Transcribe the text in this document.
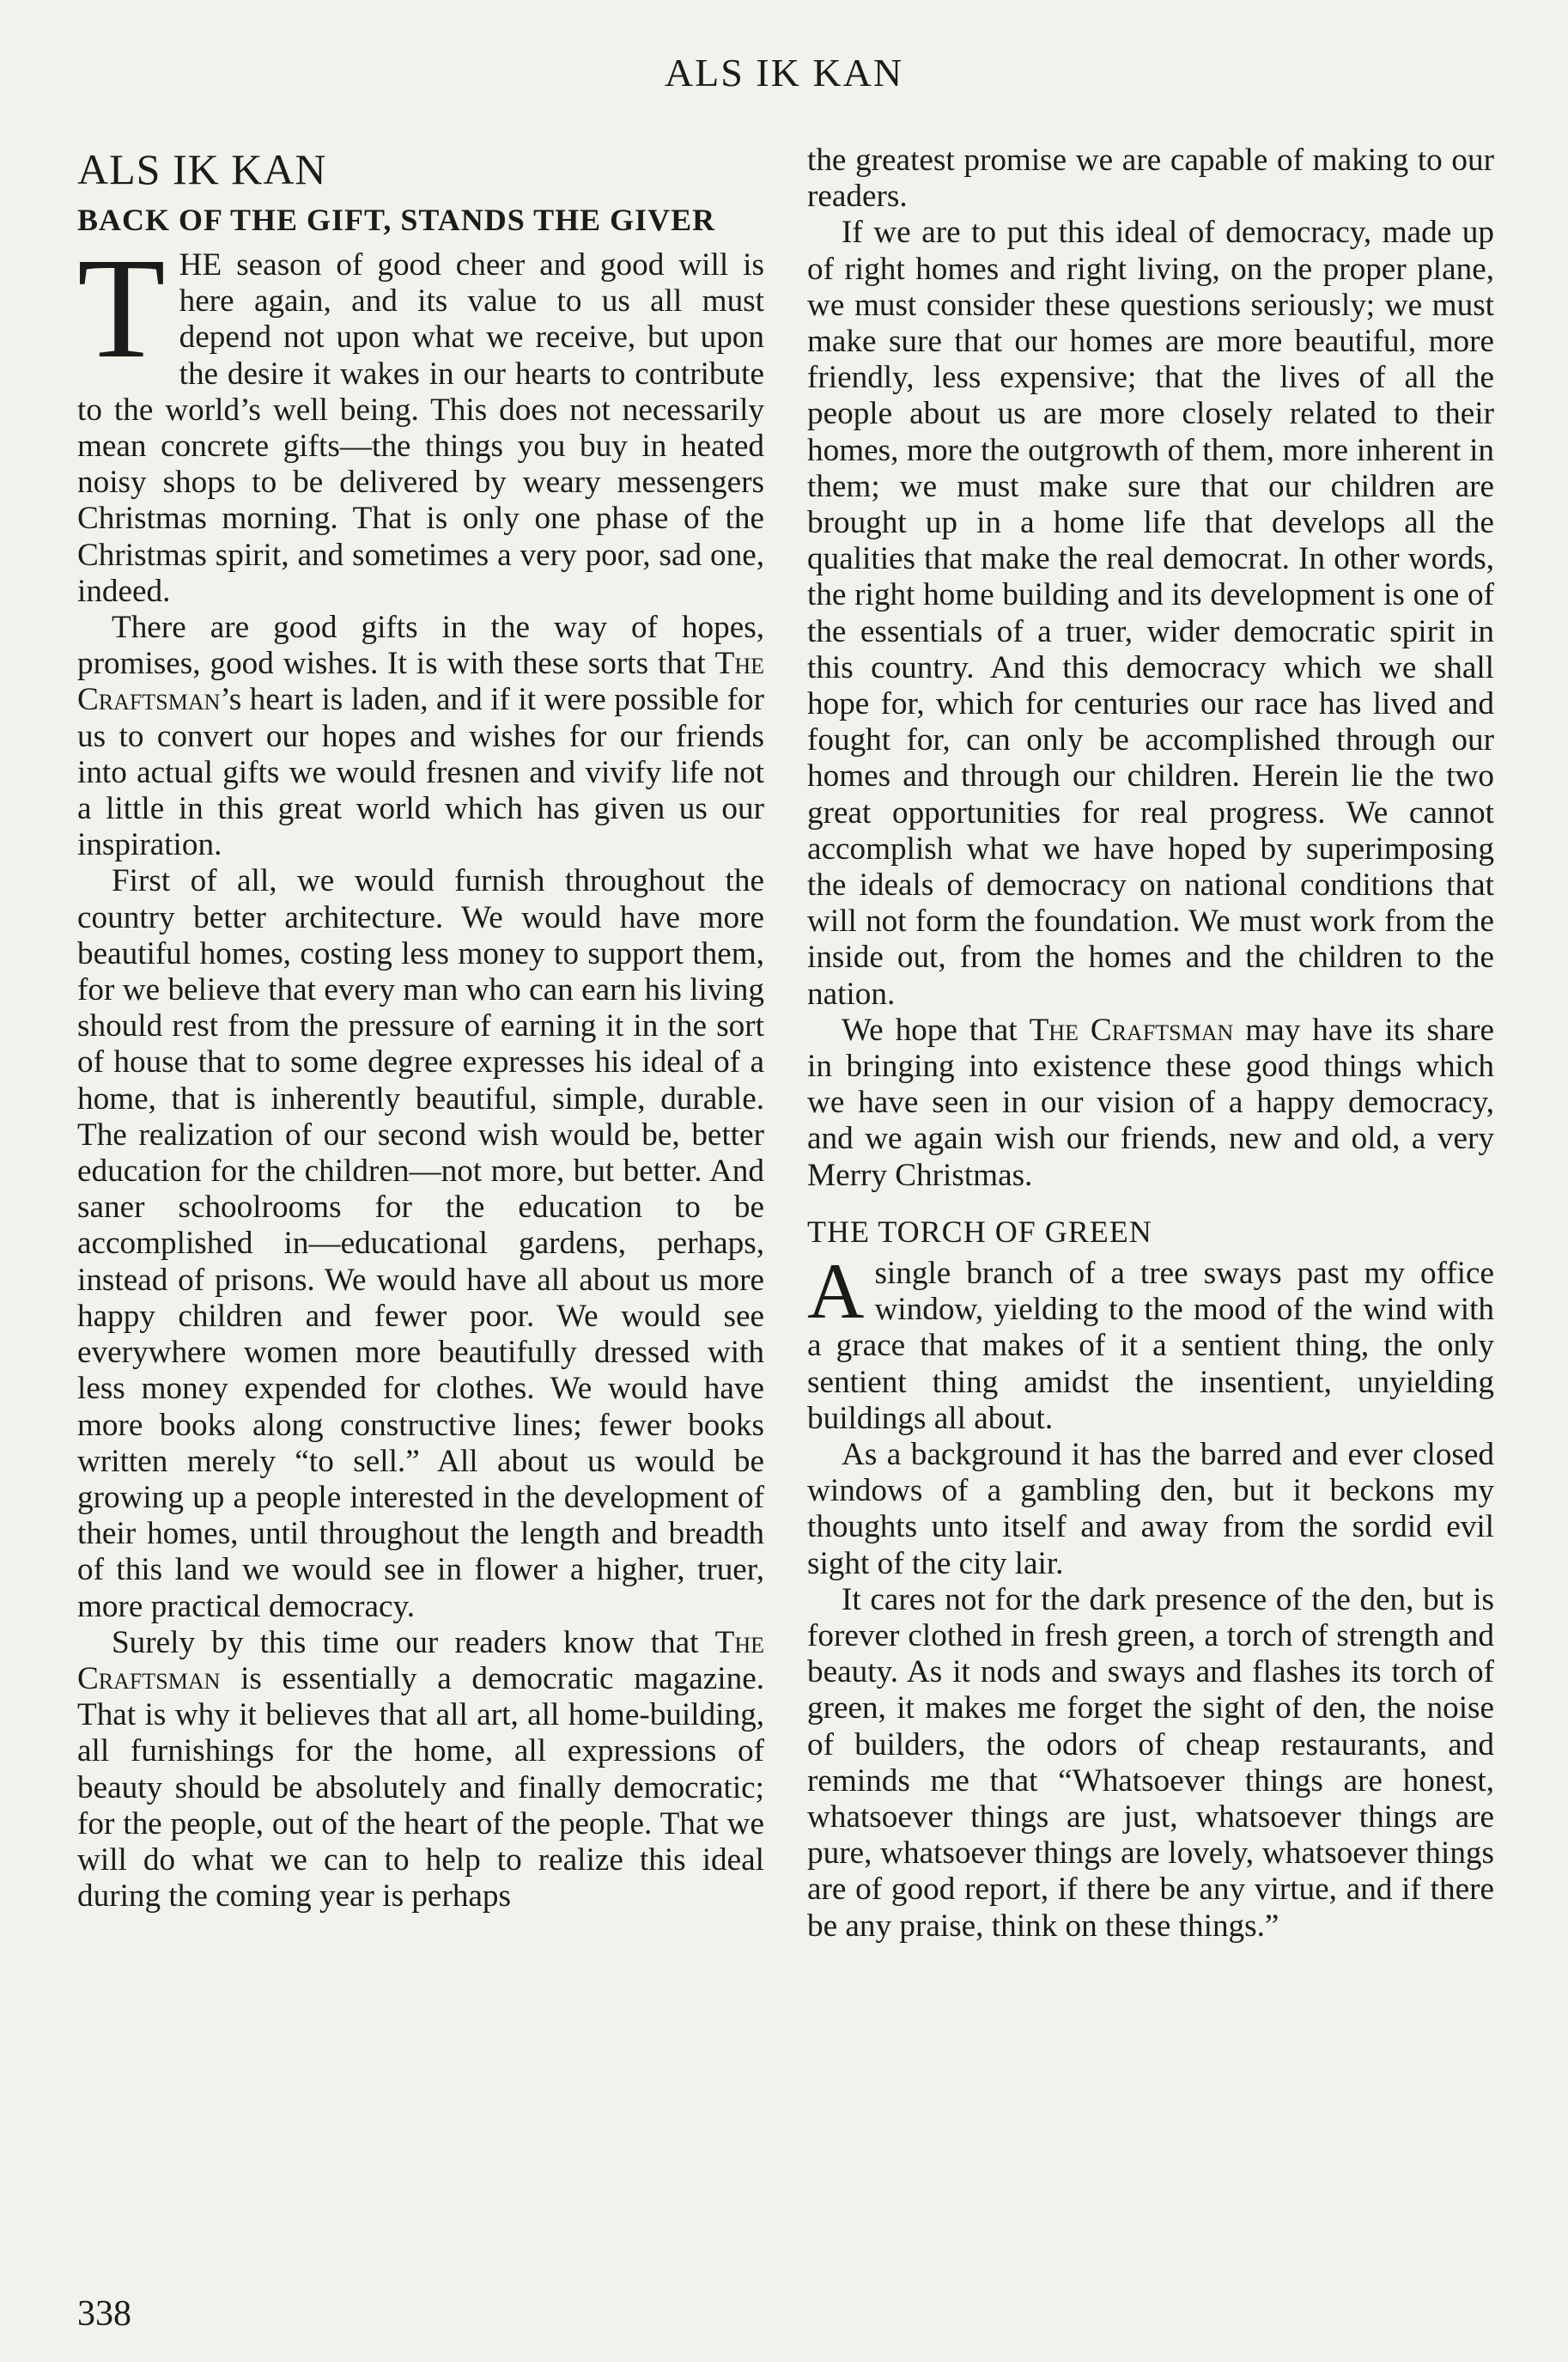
ALS IK KAN
ALS IK KAN
BACK OF THE GIFT, STANDS THE GIVER

THE season of good cheer and good will is here again, and its value to us all must depend not upon what we receive, but upon the desire it wakes in our hearts to contribute to the world’s well being. This does not necessarily mean concrete gifts—the things you buy in heated noisy shops to be delivered by weary messengers Christmas morning. That is only one phase of the Christmas spirit, and sometimes a very poor, sad one, indeed.

There are good gifts in the way of hopes, promises, good wishes. It is with these sorts that The Craftsman’s heart is laden, and if it were possible for us to convert our hopes and wishes for our friends into actual gifts we would fresnen and vivify life not a little in this great world which has given us our inspiration.

First of all, we would furnish throughout the country better architecture. We would have more beautiful homes, costing less money to support them, for we believe that every man who can earn his living should rest from the pressure of earning it in the sort of house that to some degree expresses his ideal of a home, that is inherently beautiful, simple, durable. The realization of our second wish would be, better education for the children—not more, but better. And saner schoolrooms for the education to be accomplished in—educational gardens, perhaps, instead of prisons. We would have all about us more happy children and fewer poor. We would see everywhere women more beautifully dressed with less money expended for clothes. We would have more books along constructive lines; fewer books written merely “to sell.” All about us would be growing up a people interested in the development of their homes, until throughout the length and breadth of this land we would see in flower a higher, truer, more practical democracy.

Surely by this time our readers know that The Craftsman is essentially a democratic magazine. That is why it believes that all art, all home-building, all furnishings for the home, all expressions of beauty should be absolutely and finally democratic; for the people, out of the heart of the people. That we will do what we can to help to realize this ideal during the coming year is perhaps

the greatest promise we are capable of making to our readers.

If we are to put this ideal of democracy, made up of right homes and right living, on the proper plane, we must consider these questions seriously; we must make sure that our homes are more beautiful, more friendly, less expensive; that the lives of all the people about us are more closely related to their homes, more the outgrowth of them, more inherent in them; we must make sure that our children are brought up in a home life that develops all the qualities that make the real democrat. In other words, the right home building and its development is one of the essentials of a truer, wider democratic spirit in this country. And this democracy which we shall hope for, which for centuries our race has lived and fought for, can only be accomplished through our homes and through our children. Herein lie the two great opportunities for real progress. We cannot accomplish what we have hoped by superimposing the ideals of democracy on national conditions that will not form the foundation. We must work from the inside out, from the homes and the children to the nation.

We hope that The Craftsman may have its share in bringing into existence these good things which we have seen in our vision of a happy democracy, and we again wish our friends, new and old, a very Merry Christmas.

THE TORCH OF GREEN

Asingle branch of a tree sways past my office window, yielding to the mood of the wind with a grace that makes of it a sentient thing, the only sentient thing amidst the insentient, unyielding buildings all about.

As a background it has the barred and ever closed windows of a gambling den, but it beckons my thoughts unto itself and away from the sordid evil sight of the city lair.

It cares not for the dark presence of the den, but is forever clothed in fresh green, a torch of strength and beauty. As it nods and sways and flashes its torch of green, it makes me forget the sight of den, the noise of builders, the odors of cheap restaurants, and reminds me that “Whatsoever things are honest, whatsoever things are just, whatsoever things are pure, whatsoever things are lovely, whatsoever things are of good report, if there be any virtue, and if there be any praise, think on these things.”

338
